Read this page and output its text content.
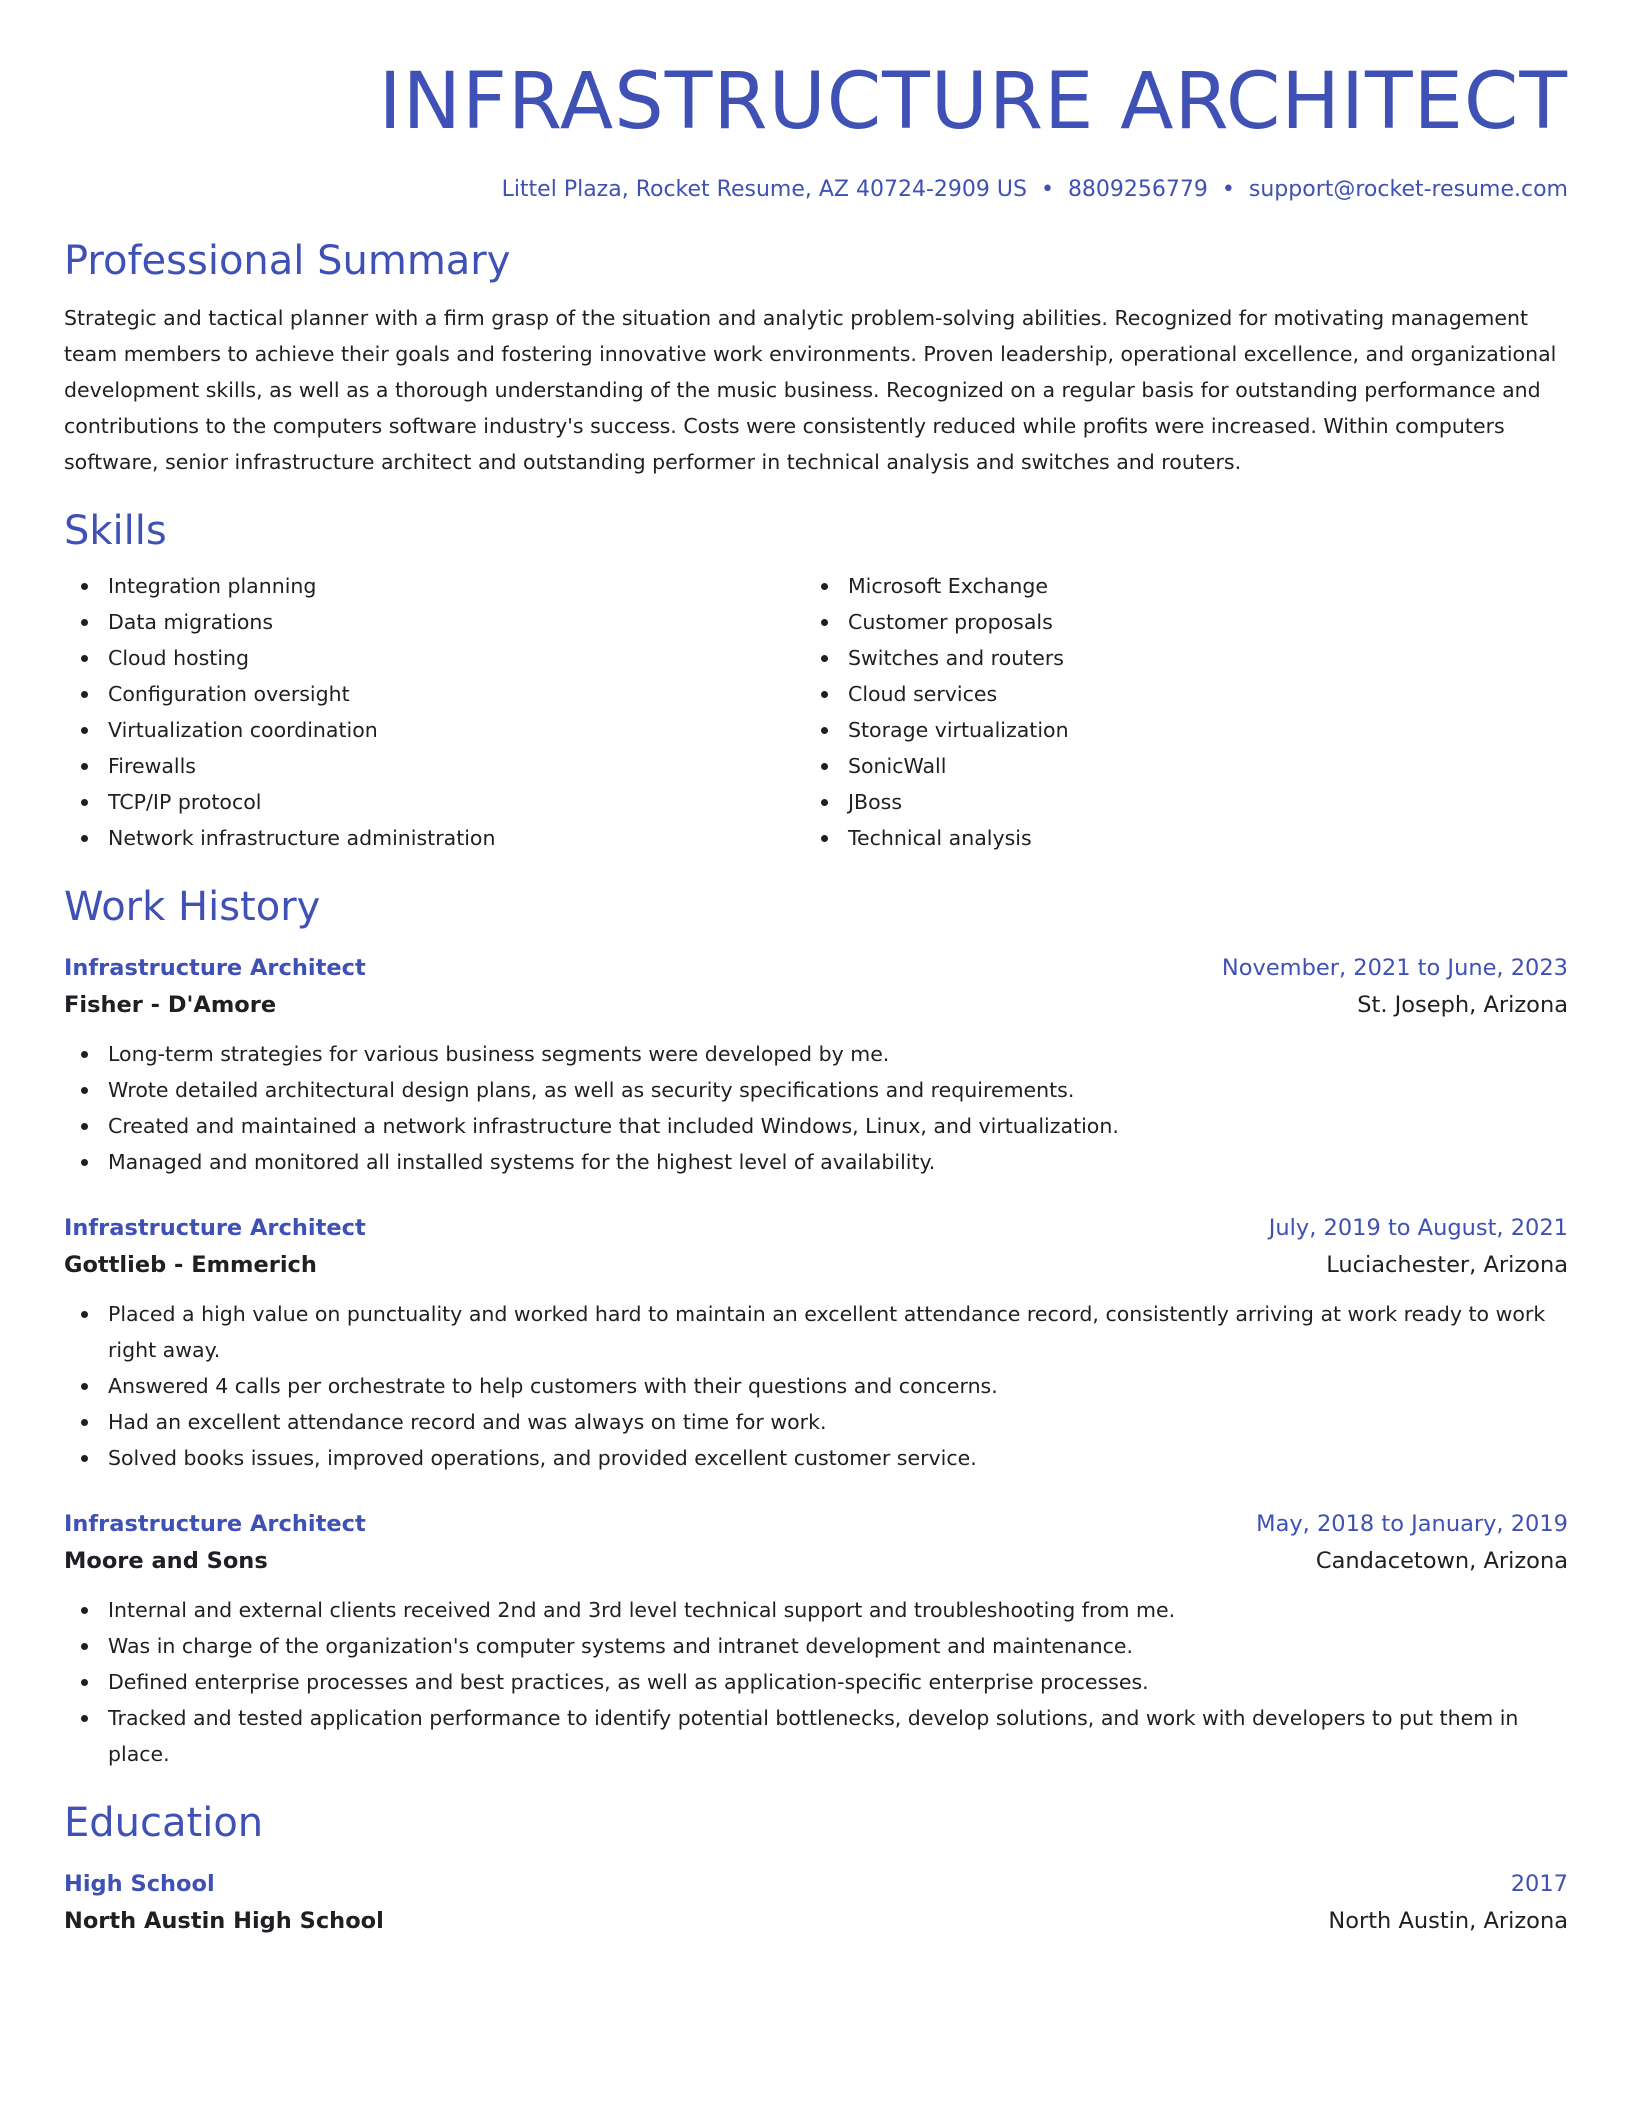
INFRASTRUCTURE ARCHITECT
Littel Plaza, Rocket Resume, AZ 40724-2909 US • 8809256779 • support@rocket-resume.com
Professional Summary

Strategic and tactical planner with a firm grasp of the situation and analytic problem-solving abilities. Recognized for motivating management team members to achieve their goals and fostering innovative work environments. Proven leadership, operational excellence, and organizational development skills, as well as a thorough understanding of the music business. Recognized on a regular basis for outstanding performance and contributions to the computers software industry's success. Costs were consistently reduced while profits were increased. Within computers software, senior infrastructure architect and outstanding performer in technical analysis and switches and routers.

Skills
Integration planning
Data migrations
Cloud hosting
Configuration oversight
Virtualization coordination
Firewalls
TCP/IP protocol
Network infrastructure administration
Microsoft Exchange
Customer proposals
Switches and routers
Cloud services
Storage virtualization
SonicWall
JBoss
Technical analysis
Work History
Infrastructure Architect	November, 2021 to June, 2023
Fisher - D'Amore	St. Joseph, Arizona
Long-term strategies for various business segments were developed by me.
Wrote detailed architectural design plans, as well as security specifications and requirements.
Created and maintained a network infrastructure that included Windows, Linux, and virtualization.
Managed and monitored all installed systems for the highest level of availability.
Infrastructure Architect	July, 2019 to August, 2021
Gottlieb - Emmerich	Luciachester, Arizona
Placed a high value on punctuality and worked hard to maintain an excellent attendance record, consistently arriving at work ready to work right away.
Answered 4 calls per orchestrate to help customers with their questions and concerns.
Had an excellent attendance record and was always on time for work.
Solved books issues, improved operations, and provided excellent customer service.
Infrastructure Architect	May, 2018 to January, 2019
Moore and Sons	Candacetown, Arizona
Internal and external clients received 2nd and 3rd level technical support and troubleshooting from me.
Was in charge of the organization's computer systems and intranet development and maintenance.
Defined enterprise processes and best practices, as well as application-specific enterprise processes.
Tracked and tested application performance to identify potential bottlenecks, develop solutions, and work with developers to put them in place.
Education
High School	2017
North Austin High School	North Austin, Arizona
